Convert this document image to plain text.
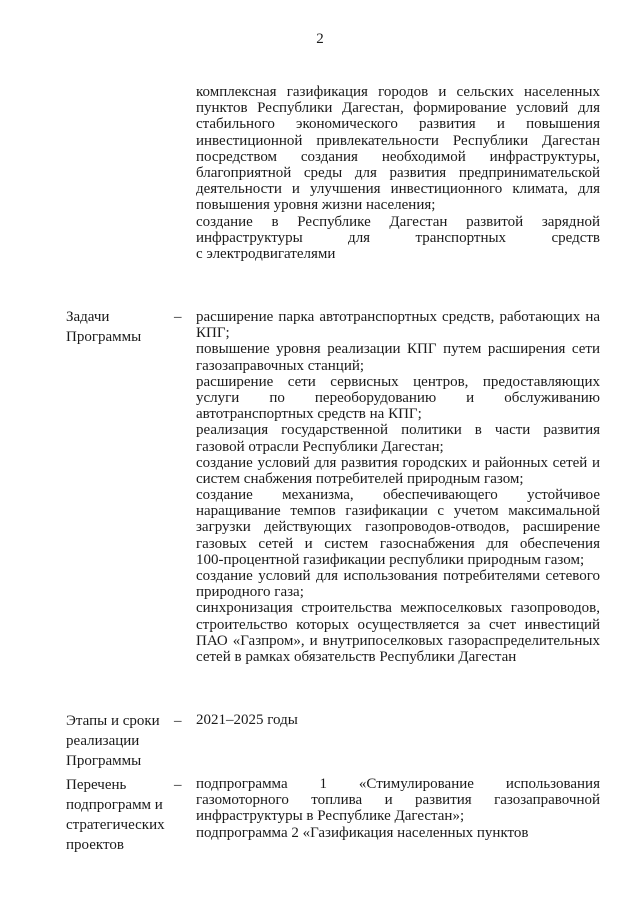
2
комплексная газификация городов и сельских населенных
пунктов Республики Дагестан, формирование условий для
стабильного экономического развития и повышения
инвестиционной привлекательности Республики Дагестан
посредством создания необходимой инфраструктуры,
благоприятной среды для развития предпринимательской
деятельности и улучшения инвестиционного климата, для
повышения уровня жизни населения;
создание в Республике Дагестан развитой зарядной
инфраструктуры для транспортных средств
с электродвигателями
Задачи
Программы
– расширение парка автотранспортных средств, работающих на
КПГ;
повышение уровня реализации КПГ путем расширения сети
газозаправочных станций;
расширение сети сервисных центров, предоставляющих
услуги по переоборудованию и обслуживанию
автотранспортных средств на КПГ;
реализация государственной политики в части развития
газовой отрасли Республики Дагестан;
создание условий для развития городских и районных сетей и
систем снабжения потребителей природным газом;
создание механизма, обеспечивающего устойчивое
наращивание темпов газификации с учетом максимальной
загрузки действующих газопроводов-отводов, расширение
газовых сетей и систем газоснабжения для обеспечения
100-процентной газификации республики природным газом;
создание условий для использования потребителями сетевого
природного газа;
синхронизация строительства межпоселковых газопроводов,
строительство которых осуществляется за счет инвестиций
ПАО «Газпром», и внутрипоселковых газораспределительных
сетей в рамках обязательств Республики Дагестан
Этапы и сроки
реализации
Программы
– 2021–2025 годы
Перечень
подпрограмм и
стратегических
проектов
– подпрограмма 1 «Стимулирование использования
газомоторного топлива и развития газозаправочной
инфраструктуры в Республике Дагестан»;
подпрограмма 2 «Газификация населенных пунктов
